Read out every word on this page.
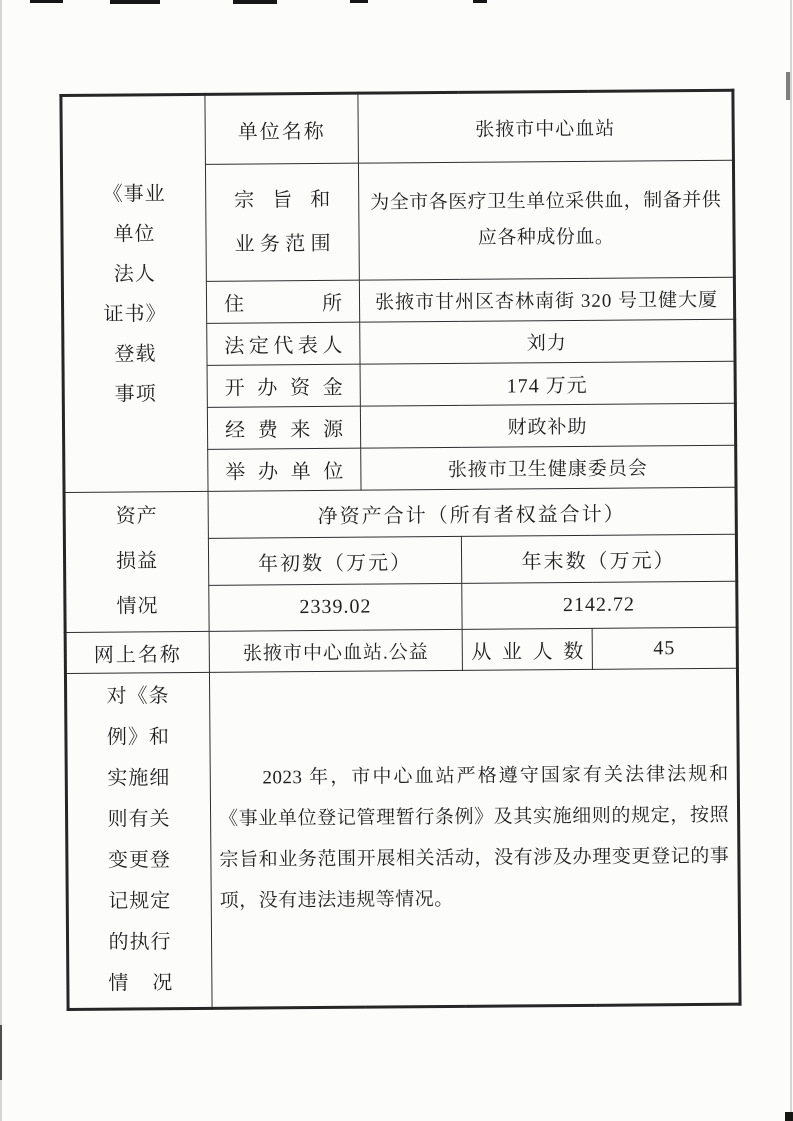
《事业
单位
法人
证书》
登载
事项
	单位名称	张掖市中心血站

	宗 旨 和
业务范围	为全市各医疗卫生单位采供血，制备并供应各种成份血。		

	住所	张掖市甘州区杏林南街 320 号卫健大厦		
	法定代表人	刘力		
	开办资金	174 万元		
	经费来源	财政补助		
	举办单位	张掖市卫生健康委员会		

资产
损益
情况	净资产合计（所有者权益合计）			
	年初数（万元）		年末数（万元）	
	2339.02		2142.72	
网上名称	张掖市中心血站.公益		从业人数	45

对《条
例》和
实施细
则有关
变更登
记规定
的执行
情况

2023 年，市中心血站严格遵守国家有关法律法规和《事业单位登记管理暂行条例》及其实施细则的规定，按照宗旨和业务范围开展相关活动，没有涉及办理变更登记的事项，没有违法违规等情况。
